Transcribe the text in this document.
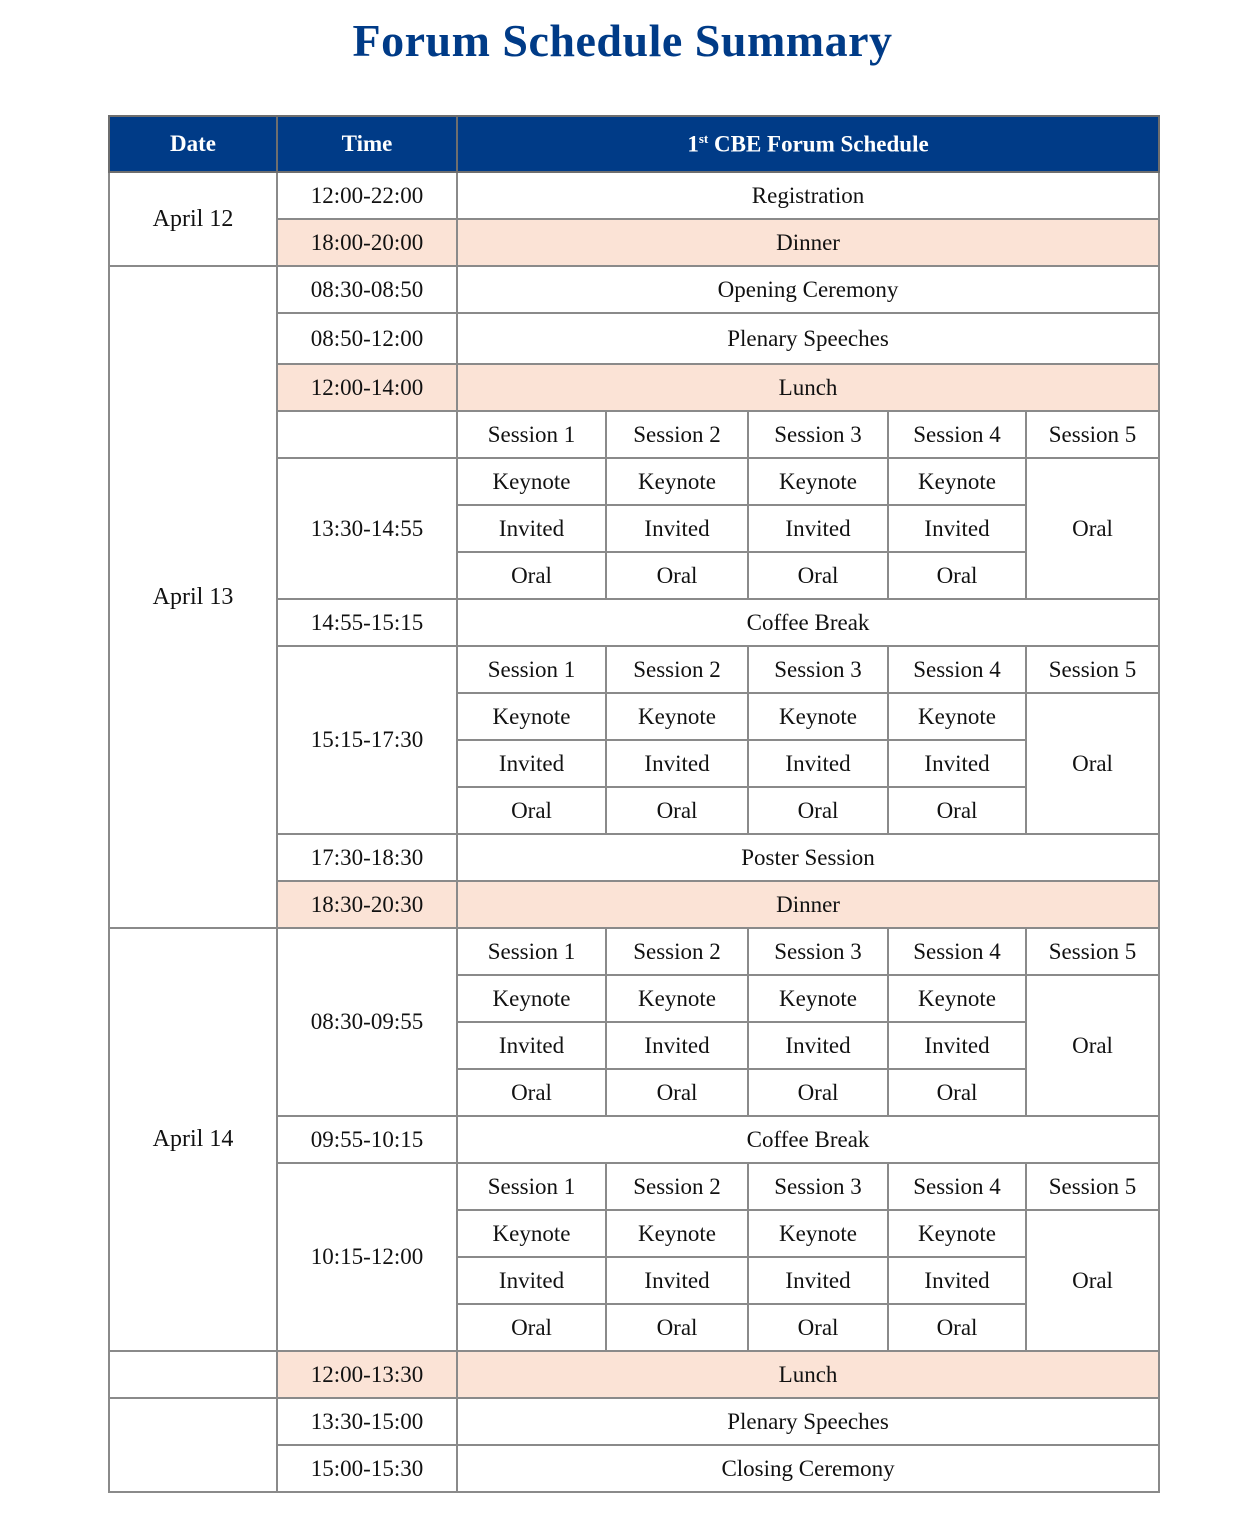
Forum Schedule Summary
Date	Time	1st CBE Forum Schedule				
April 12	12:00-22:00	Registration				
	18:00-20:00	Dinner				
April 13	08:30-08:50	Opening Ceremony				
	08:50-12:00	Plenary Speeches				
	12:00-14:00	Lunch				
		Session 1	Session 2	Session 3	Session 4	Session 5
	13:30-14:55	Keynote	Keynote	Keynote	Keynote	Oral
		Invited	Invited	Invited	Invited	
		Oral	Oral	Oral	Oral	
	14:55-15:15	Coffee Break				
	15:15-17:30	Session 1	Session 2	Session 3	Session 4	Session 5
		Keynote	Keynote	Keynote	Keynote	Oral
		Invited	Invited	Invited	Invited	
		Oral	Oral	Oral	Oral	
	17:30-18:30	Poster Session				
	18:30-20:30	Dinner				
April 14	08:30-09:55	Session 1	Session 2	Session 3	Session 4	Session 5
		Keynote	Keynote	Keynote	Keynote	Oral
		Invited	Invited	Invited	Invited	
		Oral	Oral	Oral	Oral	
	09:55-10:15	Coffee Break				
	10:15-12:00	Session 1	Session 2	Session 3	Session 4	Session 5
		Keynote	Keynote	Keynote	Keynote	Oral
		Invited	Invited	Invited	Invited	
		Oral	Oral	Oral	Oral	
	12:00-13:30	Lunch				
	13:30-15:00	Plenary Speeches				
	15:00-15:30	Closing Ceremony				
